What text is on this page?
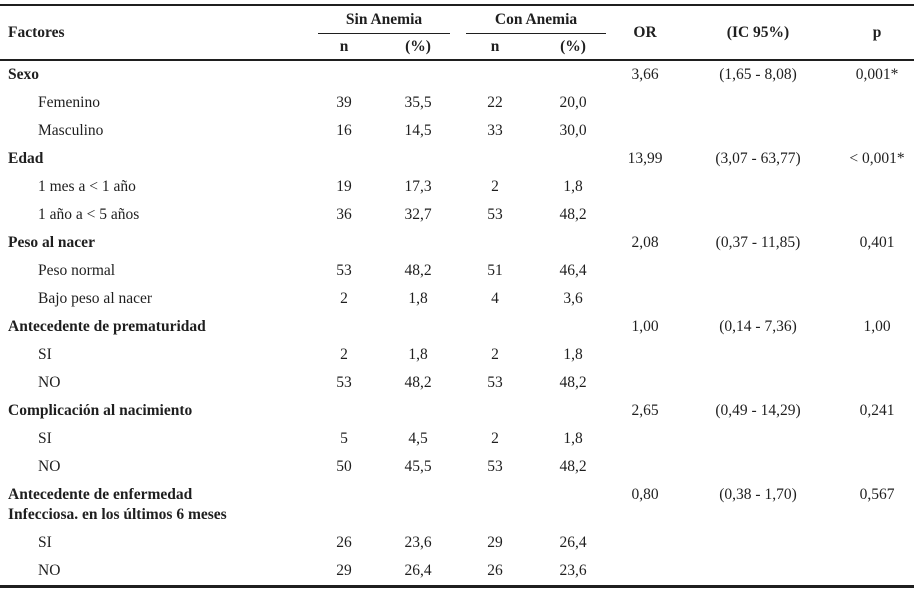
Factores	Sin Anemia		Con Anemia		OR	(IC 95%)	p
	n	(%)	n	(%)			

Sexo					3,66	(1,65 - 8,08)	0,001*
Femenino	39	35,5	22	20,0			
Masculino	16	14,5	33	30,0			

Edad					13,99	(3,07 - 63,77)	< 0,001*
1 mes a < 1 año	19	17,3	2	1,8			
1 año a < 5 años	36	32,7	53	48,2			

Peso al nacer					2,08	(0,37 - 11,85)	0,401
Peso normal	53	48,2	51	46,4			
Bajo peso al nacer	2	1,8	4	3,6			

Antecedente de prematuridad					1,00	(0,14 - 7,36)	1,00
SI	2	1,8	2	1,8			
NO	53	48,2	53	48,2			

Complicación al nacimiento					2,65	(0,49 - 14,29)	0,241
SI	5	4,5	2	1,8			
NO	50	45,5	53	48,2			

Antecedente de enfermedad
Infecciosa. en los últimos 6 meses					0,80	(0,38 - 1,70)	0,567
SI	26	23,6	29	26,4			
NO	29	26,4	26	23,6			
